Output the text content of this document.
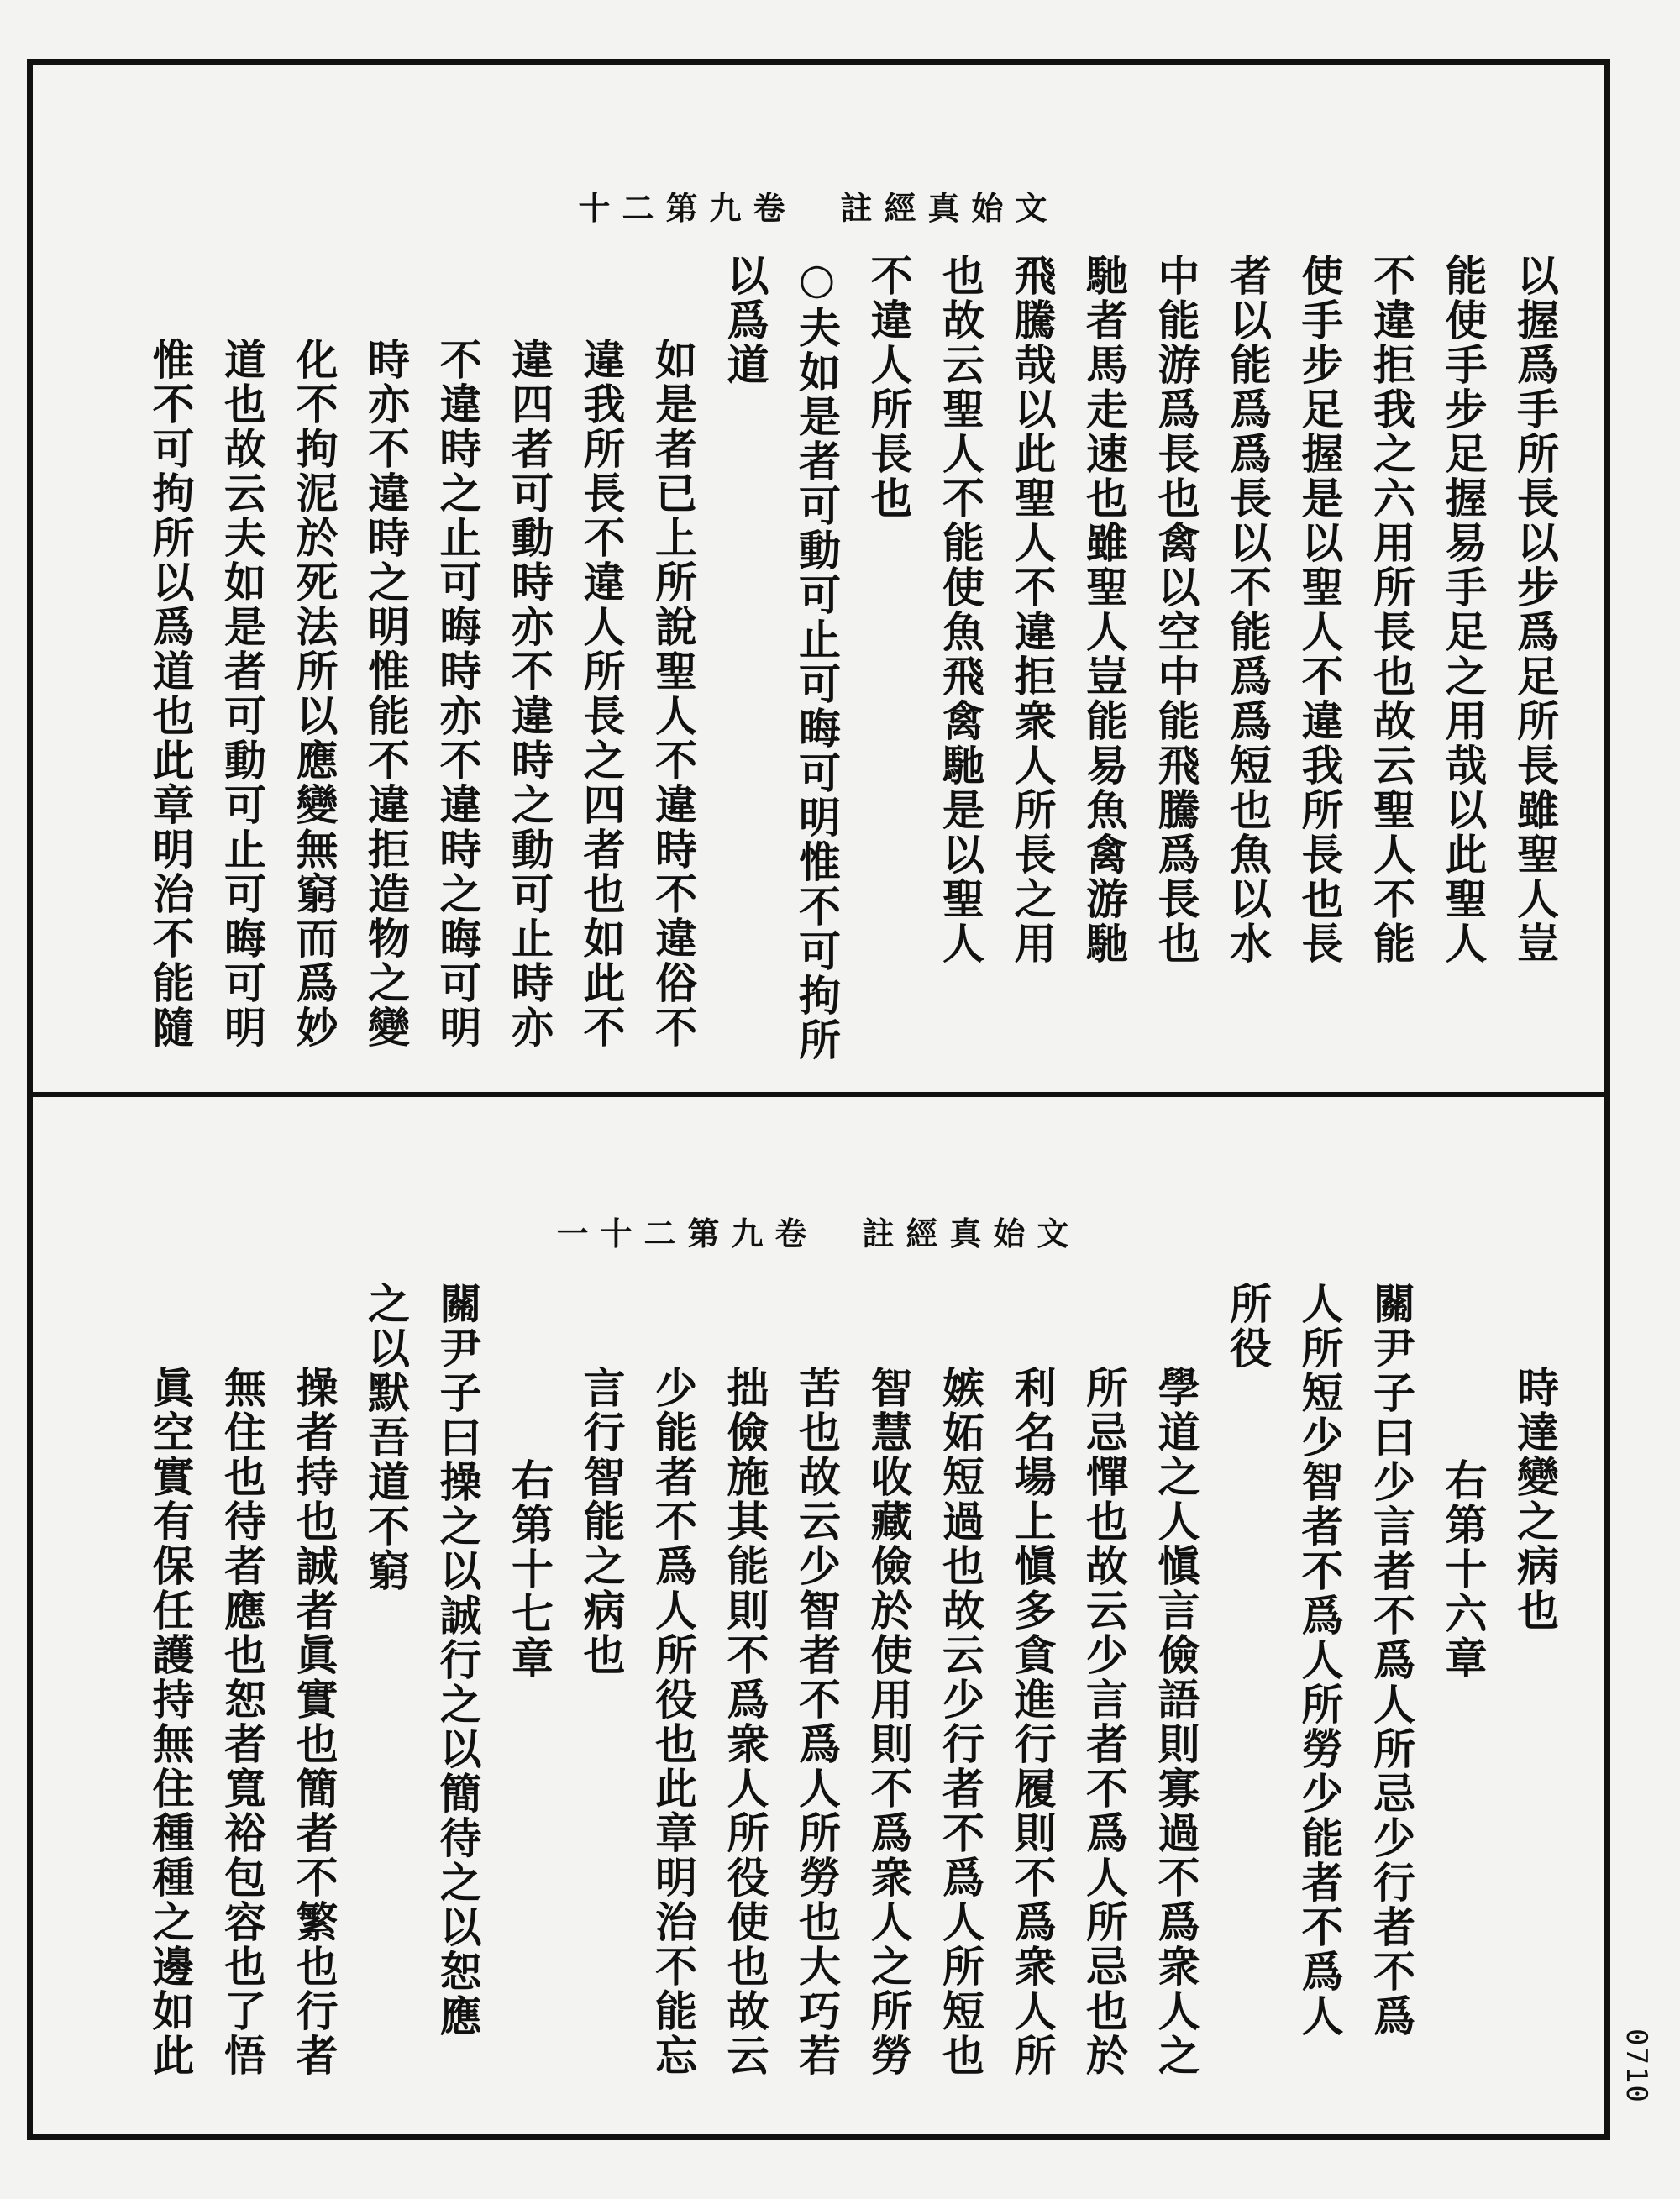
文始真經註　卷九第二十
以握爲手所長以步爲足所長雖聖人豈
能使手步足握易手足之用哉以此聖人
不違拒我之六用所長也故云聖人不能
使手步足握是以聖人不違我所長也長
者以能爲爲長以不能爲爲短也魚以水
中能游爲長也禽以空中能飛騰爲長也
馳者馬走速也雖聖人豈能易魚禽游馳
飛騰哉以此聖人不違拒衆人所長之用
也故云聖人不能使魚飛禽馳是以聖人
不違人所長也
○夫如是者可動可止可晦可明惟不可拘所
以爲道
如是者已上所說聖人不違時不違俗不
違我所長不違人所長之四者也如此不
違四者可動時亦不違時之動可止時亦
不違時之止可晦時亦不違時之晦可明
時亦不違時之明惟能不違拒造物之變
化不拘泥於死法所以應變無窮而爲妙
道也故云夫如是者可動可止可晦可明
惟不可拘所以爲道也此章明治不能隨
文始真經註　卷九第二十一
時達變之病也
右第十六章
關尹子曰少言者不爲人所忌少行者不爲
人所短少智者不爲人所勞少能者不爲人
所役
學道之人愼言儉語則寡過不爲衆人之
所忌憚也故云少言者不爲人所忌也於
利名場上愼多貪進行履則不爲衆人所
嫉妬短過也故云少行者不爲人所短也
智慧收藏儉於使用則不爲衆人之所勞
苦也故云少智者不爲人所勞也大巧若
拙儉施其能則不爲衆人所役使也故云
少能者不爲人所役也此章明治不能忘
言行智能之病也
右第十七章
關尹子曰操之以誠行之以簡待之以恕應
之以默吾道不窮
操者持也誠者眞實也簡者不繁也行者
無住也待者應也恕者寬裕包容也了悟
眞空實有保任護持無住種種之邊如此	0710
